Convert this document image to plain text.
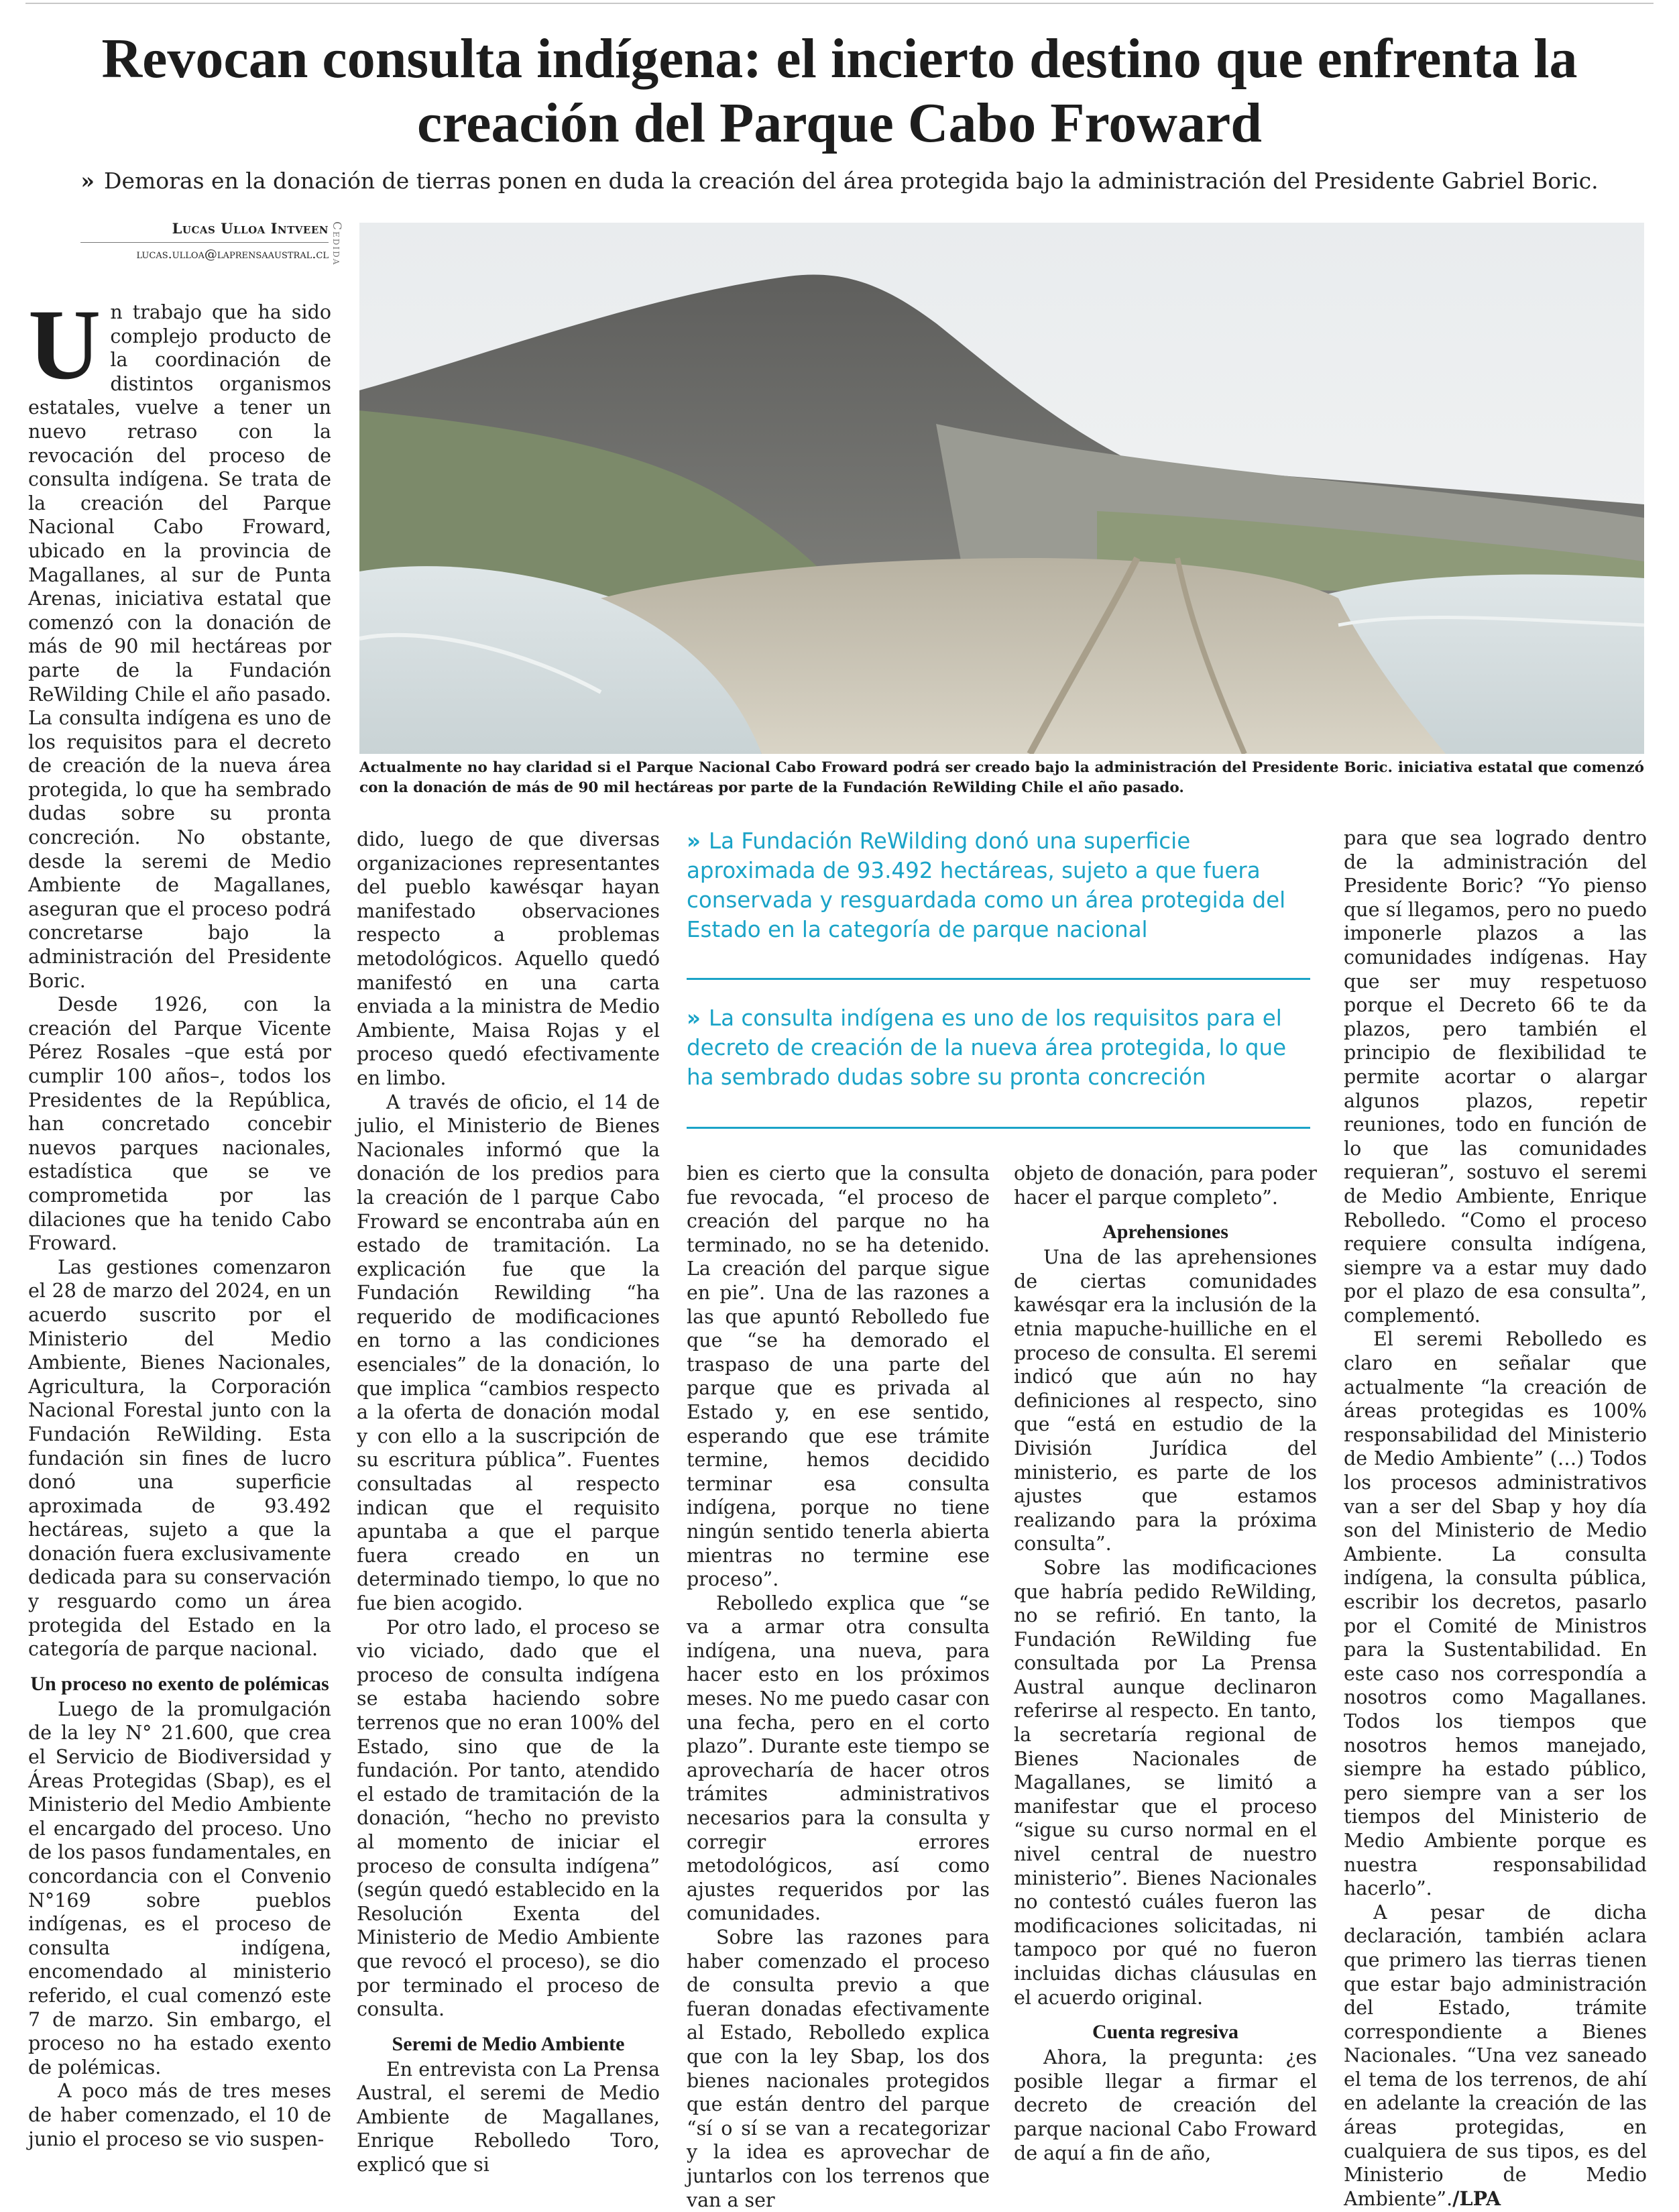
Revocan consulta indígena: el incierto destino que enfrenta la creación del Parque Cabo Froward
» Demoras en la donación de tierras ponen en duda la creación del área protegida bajo la administración del Presidente Gabriel Boric.
Lucas Ulloa Intveen
lucas.ulloa@laprensaaustral.cl Cedida
Actualmente no hay claridad si el Parque Nacional Cabo Froward podrá ser creado bajo la administración del Presidente Boric. iniciativa estatal que comenzó con la donación de más de 90 mil hectáreas por parte de la Fundación ReWilding Chile el año pasado.

Un trabajo que ha sido complejo producto de la coordinación de distintos organismos estatales, vuelve a tener un nuevo retraso con la revocación del proceso de consulta indígena. Se trata de la creación del Parque Nacional Cabo Froward, ubicado en la provincia de Magallanes, al sur de Punta Arenas, iniciativa estatal que comenzó con la donación de más de 90 mil hectáreas por parte de la Fundación ReWilding Chile el año pasado. La consulta indígena es uno de los requisitos para el decreto de creación de la nueva área protegida, lo que ha sembrado dudas sobre su pronta concreción. No obstante, desde la seremi de Medio Ambiente de Magallanes, aseguran que el proceso podrá concretarse bajo la administración del Presidente Boric.

Desde 1926, con la creación del Parque Vicente Pérez Rosales –que está por cumplir 100 años–, todos los Presidentes de la República, han concretado concebir nuevos parques nacionales, estadística que se ve comprometida por las dilaciones que ha tenido Cabo Froward.

Las gestiones comenzaron el 28 de marzo del 2024, en un acuerdo suscrito por el Ministerio del Medio Ambiente, Bienes Nacionales, Agricultura, la Corporación Nacional Forestal junto con la Fundación ReWilding. Esta fundación sin fines de lucro donó una superficie aproximada de 93.492 hectáreas, sujeto a que la donación fuera exclusivamente dedicada para su conservación y resguardo como un área protegida del Estado en la categoría de parque nacional.

Un proceso no exento de polémicas

Luego de la promulgación de la ley N° 21.600, que crea el Servicio de Biodiversidad y Áreas Protegidas (Sbap), es el Ministerio del Medio Ambiente el encargado del proceso. Uno de los pasos fundamentales, en concordancia con el Convenio N°169 sobre pueblos indígenas, es el proceso de consulta indígena, encomendado al ministerio referido, el cual comenzó este 7 de marzo. Sin embargo, el proceso no ha estado exento de polémicas.

A poco más de tres meses de haber comenzado, el 10 de junio el proceso se vio suspen-

dido, luego de que diversas organizaciones representantes del pueblo kawésqar hayan manifestado observaciones respecto a problemas metodológicos. Aquello quedó manifestó en una carta enviada a la ministra de Medio Ambiente, Maisa Rojas y el proceso quedó efectivamente en limbo.

A través de oficio, el 14 de julio, el Ministerio de Bienes Nacionales informó que la donación de los predios para la creación de l parque Cabo Froward se encontraba aún en estado de tramitación. La explicación fue que la Fundación Rewilding “ha requerido de modificaciones en torno a las condiciones esenciales” de la donación, lo que implica “cambios respecto a la oferta de donación modal y con ello a la suscripción de su escritura pública”. Fuentes consultadas al respecto indican que el requisito apuntaba a que el parque fuera creado en un determinado tiempo, lo que no fue bien acogido.

Por otro lado, el proceso se vio viciado, dado que el proceso de consulta indígena se estaba haciendo sobre terrenos que no eran 100% del Estado, sino que de la fundación. Por tanto, atendido el estado de tramitación de la donación, “hecho no previsto al momento de iniciar el proceso de consulta indígena” (según quedó establecido en la Resolución Exenta del Ministerio de Medio Ambiente que revocó el proceso), se dio por terminado el proceso de consulta.

Seremi de Medio Ambiente

En entrevista con La Prensa Austral, el seremi de Medio Ambiente de Magallanes, Enrique Rebolledo Toro, explicó que si

» La Fundación ReWilding donó una superficie aproximada de 93.492 hectáreas, sujeto a que fuera conservada y resguardada como un área protegida del Estado en la categoría de parque nacional
» La consulta indígena es uno de los requisitos para el decreto de creación de la nueva área protegida, lo que ha sembrado dudas sobre su pronta concreción

bien es cierto que la consulta fue revocada, “el proceso de creación del parque no ha terminado, no se ha detenido. La creación del parque sigue en pie”. Una de las razones a las que apuntó Rebolledo fue que “se ha demorado el traspaso de una parte del parque que es privada al Estado y, en ese sentido, esperando que ese trámite termine, hemos decidido terminar esa consulta indígena, porque no tiene ningún sentido tenerla abierta mientras no termine ese proceso”.

Rebolledo explica que “se va a armar otra consulta indígena, una nueva, para hacer esto en los próximos meses. No me puedo casar con una fecha, pero en el corto plazo”. Durante este tiempo se aprovecharía de hacer otros trámites administrativos necesarios para la consulta y corregir errores metodológicos, así como ajustes requeridos por las comunidades.

Sobre las razones para haber comenzado el proceso de consulta previo a que fueran donadas efectivamente al Estado, Rebolledo explica que con la ley Sbap, los dos bienes nacionales protegidos que están dentro del parque “sí o sí se van a recategorizar y la idea es aprovechar de juntarlos con los terrenos que van a ser

objeto de donación, para poder hacer el parque completo”.

Aprehensiones

Una de las aprehensiones de ciertas comunidades kawésqar era la inclusión de la etnia mapuche-huilliche en el proceso de consulta. El seremi indicó que aún no hay definiciones al respecto, sino que “está en estudio de la División Jurídica del ministerio, es parte de los ajustes que estamos realizando para la próxima consulta”.

Sobre las modificaciones que habría pedido ReWilding, no se refirió. En tanto, la Fundación ReWilding fue consultada por La Prensa Austral aunque declinaron referirse al respecto. En tanto, la secretaría regional de Bienes Nacionales de Magallanes, se limitó a manifestar que el proceso “sigue su curso normal en el nivel central de nuestro ministerio”. Bienes Nacionales no contestó cuáles fueron las modificaciones solicitadas, ni tampoco por qué no fueron incluidas dichas cláusulas en el acuerdo original.

Cuenta regresiva

Ahora, la pregunta: ¿es posible llegar a firmar el decreto de creación del parque nacional Cabo Froward de aquí a fin de año,

para que sea logrado dentro de la administración del Presidente Boric? “Yo pienso que sí llegamos, pero no puedo imponerle plazos a las comunidades indígenas. Hay que ser muy respetuoso porque el Decreto 66 te da plazos, pero también el principio de flexibilidad te permite acortar o alargar algunos plazos, repetir reuniones, todo en función de lo que las comunidades requieran”, sostuvo el seremi de Medio Ambiente, Enrique Rebolledo. “Como el proceso requiere consulta indígena, siempre va a estar muy dado por el plazo de esa consulta”, complementó.

El seremi Rebolledo es claro en señalar que actualmente “la creación de áreas protegidas es 100% responsabilidad del Ministerio de Medio Ambiente” (…) Todos los procesos administrativos van a ser del Sbap y hoy día son del Ministerio de Medio Ambiente. La consulta indígena, la consulta pública, escribir los decretos, pasarlo por el Comité de Ministros para la Sustentabilidad. En este caso nos correspondía a nosotros como Magallanes. Todos los tiempos que nosotros hemos manejado, siempre ha estado público, pero siempre van a ser los tiempos del Ministerio de Medio Ambiente porque es nuestra responsabilidad hacerlo”.

A pesar de dicha declaración, también aclara que primero las tierras tienen que estar bajo administración del Estado, trámite correspondiente a Bienes Nacionales. “Una vez saneado el tema de los terrenos, de ahí en adelante la creación de las áreas protegidas, en cualquiera de sus tipos, es del Ministerio de Medio Ambiente”./LPA
